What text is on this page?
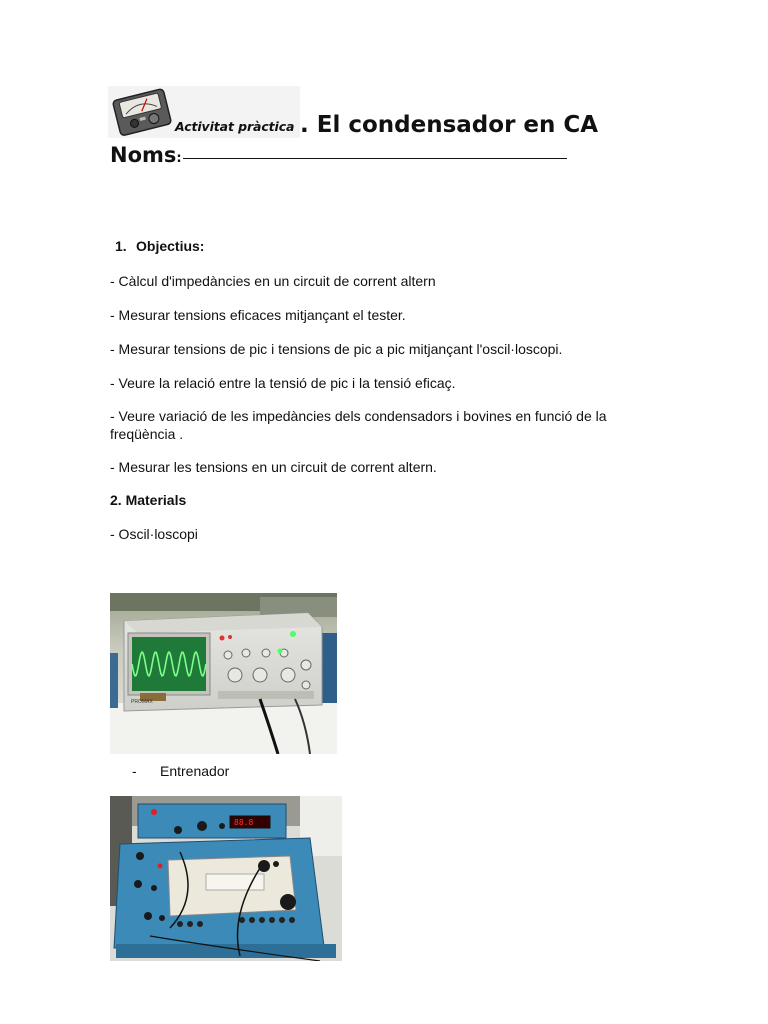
Activitat pràctica . El condensador en CA
Noms:
1. Objectius:
- Càlcul d'impedàncies en un circuit de corrent altern
- Mesurar tensions eficaces mitjançant el tester.
- Mesurar tensions de pic i tensions de pic a pic mitjançant l'oscil·loscopi.
- Veure la relació entre la tensió de pic i la tensió eficaç.
- Veure variació de les impedàncies dels condensadors i bovines en funció de la freqüència .
- Mesurar les tensions en un circuit de corrent altern.
2. Materials
- Oscil·loscopi
PROMAX
- Entrenador
88.8
